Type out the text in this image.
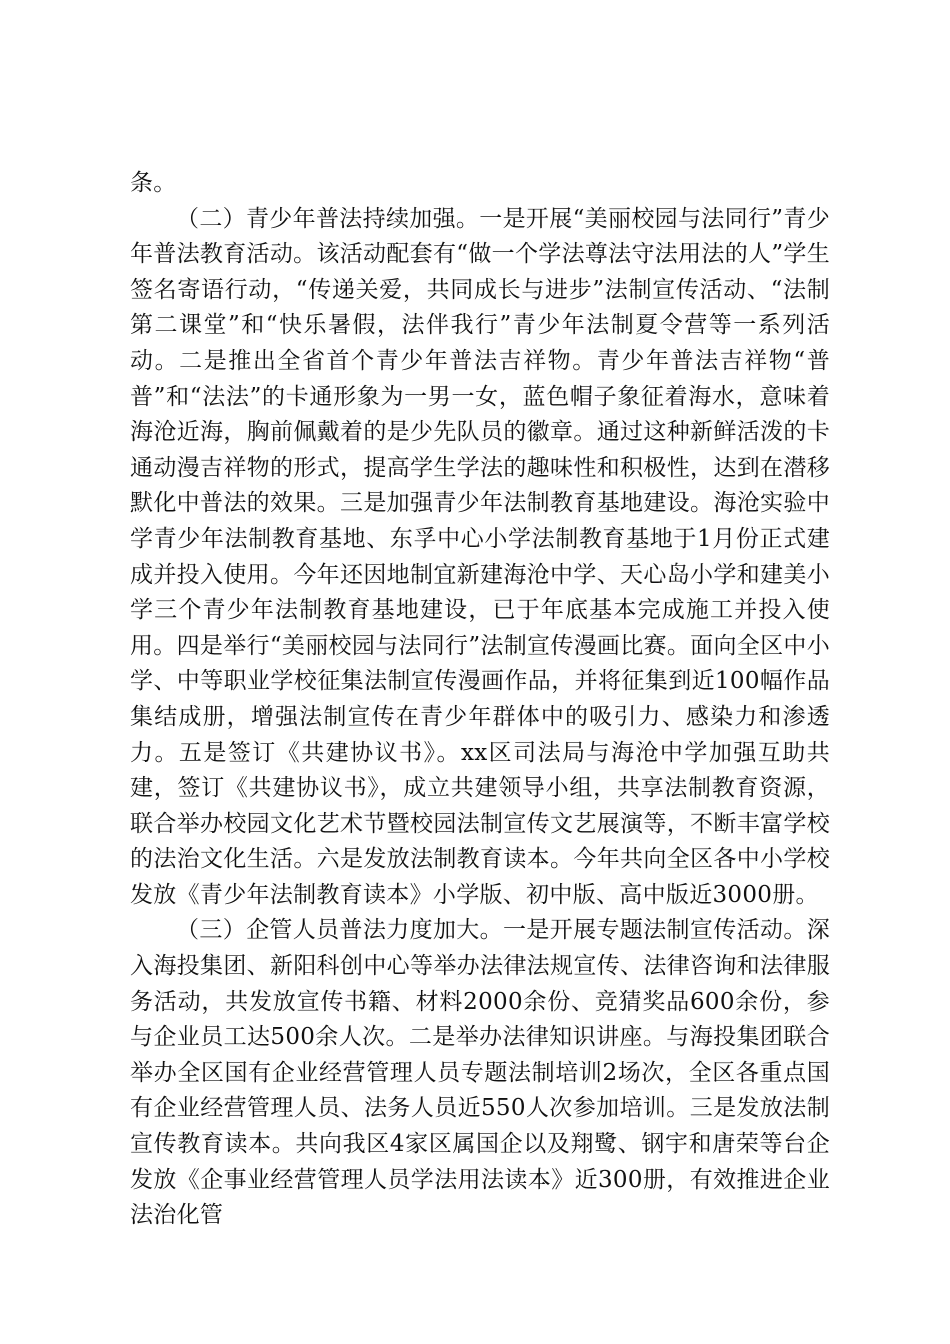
条。

（二）青少年普法持续加强。一是开展“美丽校园与法同行”青少年普法教育活动。该活动配套有“做一个学法尊法守法用法的人”学生签名寄语行动，“传递关爱，共同成长与进步”法制宣传活动、“法制第二课堂”和“快乐暑假，法伴我行”青少年法制夏令营等一系列活动。二是推出全省首个青少年普法吉祥物。青少年普法吉祥物“普普”和“法法”的卡通形象为一男一女，蓝色帽子象征着海水，意味着海沧近海，胸前佩戴着的是少先队员的徽章。通过这种新鲜活泼的卡通动漫吉祥物的形式，提高学生学法的趣味性和积极性，达到在潜移默化中普法的效果。三是加强青少年法制教育基地建设。海沧实验中学青少年法制教育基地、东孚中心小学法制教育基地于1月份正式建成并投入使用。今年还因地制宜新建海沧中学、天心岛小学和建美小学三个青少年法制教育基地建设，已于年底基本完成施工并投入使用。四是举行“美丽校园与法同行”法制宣传漫画比赛。面向全区中小学、中等职业学校征集法制宣传漫画作品，并将征集到近100幅作品集结成册，增强法制宣传在青少年群体中的吸引力、感染力和渗透力。五是签订《共建协议书》。xx区司法局与海沧中学加强互助共建，签订《共建协议书》，成立共建领导小组，共享法制教育资源，联合举办校园文化艺术节暨校园法制宣传文艺展演等，不断丰富学校的法治文化生活。六是发放法制教育读本。今年共向全区各中小学校发放《青少年法制教育读本》小学版、初中版、高中版近3000册。

（三）企管人员普法力度加大。一是开展专题法制宣传活动。深入海投集团、新阳科创中心等举办法律法规宣传、法律咨询和法律服务活动，共发放宣传书籍、材料2000余份、竞猜奖品600余份，参与企业员工达500余人次。二是举办法律知识讲座。与海投集团联合举办全区国有企业经营管理人员专题法制培训2场次，全区各重点国有企业经营管理人员、法务人员近550人次参加培训。三是发放法制宣传教育读本。共向我区4家区属国企以及翔鹭、钢宇和唐荣等台企发放《企事业经营管理人员学法用法读本》近300册，有效推进企业法治化管
